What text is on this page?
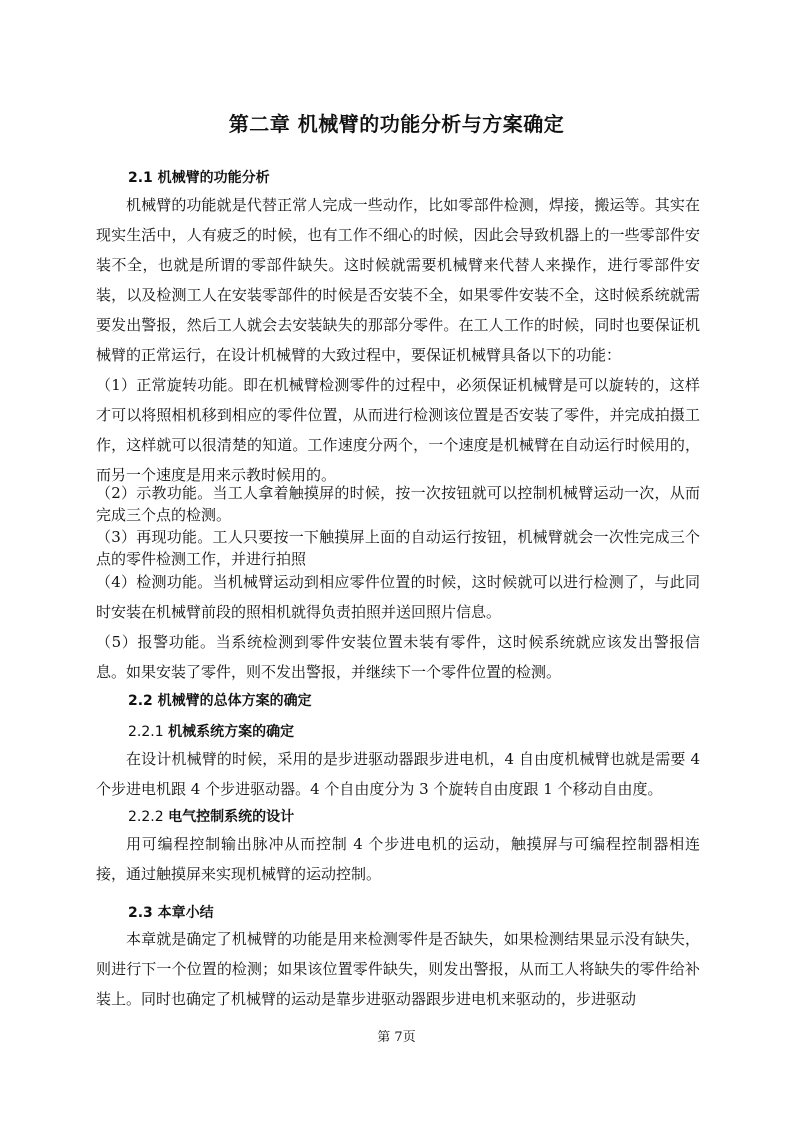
第二章 机械臂的功能分析与方案确定
2.1 机械臂的功能分析
机械臂的功能就是代替正常人完成一些动作，比如零部件检测，焊接，搬运等。其实在现实生活中，人有疲乏的时候，也有工作不细心的时候，因此会导致机器上的一些零部件安装不全，也就是所谓的零部件缺失。这时候就需要机械臂来代替人来操作，进行零部件安装，以及检测工人在安装零部件的时候是否安装不全，如果零件安装不全，这时候系统就需要发出警报，然后工人就会去安装缺失的那部分零件。在工人工作的时候，同时也要保证机械臂的正常运行，在设计机械臂的大致过程中，要保证机械臂具备以下的功能：
（1）正常旋转功能。即在机械臂检测零件的过程中，必须保证机械臂是可以旋转的，这样才可以将照相机移到相应的零件位置，从而进行检测该位置是否安装了零件，并完成拍摄工作，这样就可以很清楚的知道。工作速度分两个，一个速度是机械臂在自动运行时候用的，而另一个速度是用来示教时候用的。
（2）示教功能。当工人拿着触摸屏的时候，按一次按钮就可以控制机械臂运动一次，从而完成三个点的检测。
（3）再现功能。工人只要按一下触摸屏上面的自动运行按钮，机械臂就会一次性完成三个点的零件检测工作，并进行拍照
（4）检测功能。当机械臂运动到相应零件位置的时候，这时候就可以进行检测了，与此同时安装在机械臂前段的照相机就得负责拍照并送回照片信息。
（5）报警功能。当系统检测到零件安装位置未装有零件，这时候系统就应该发出警报信息。如果安装了零件，则不发出警报，并继续下一个零件位置的检测。
2.2 机械臂的总体方案的确定
2.2.1 机械系统方案的确定
在设计机械臂的时候，采用的是步进驱动器跟步进电机，4 自由度机械臂也就是需要 4 个步进电机跟 4 个步进驱动器。4 个自由度分为 3 个旋转自由度跟 1 个移动自由度。
2.2.2 电气控制系统的设计
用可编程控制输出脉冲从而控制 4 个步进电机的运动，触摸屏与可编程控制器相连接，通过触摸屏来实现机械臂的运动控制。
2.3 本章小结
本章就是确定了机械臂的功能是用来检测零件是否缺失，如果检测结果显示没有缺失，则进行下一个位置的检测；如果该位置零件缺失，则发出警报，从而工人将缺失的零件给补装上。同时也确定了机械臂的运动是靠步进驱动器跟步进电机来驱动的，步进驱动
第 7页
